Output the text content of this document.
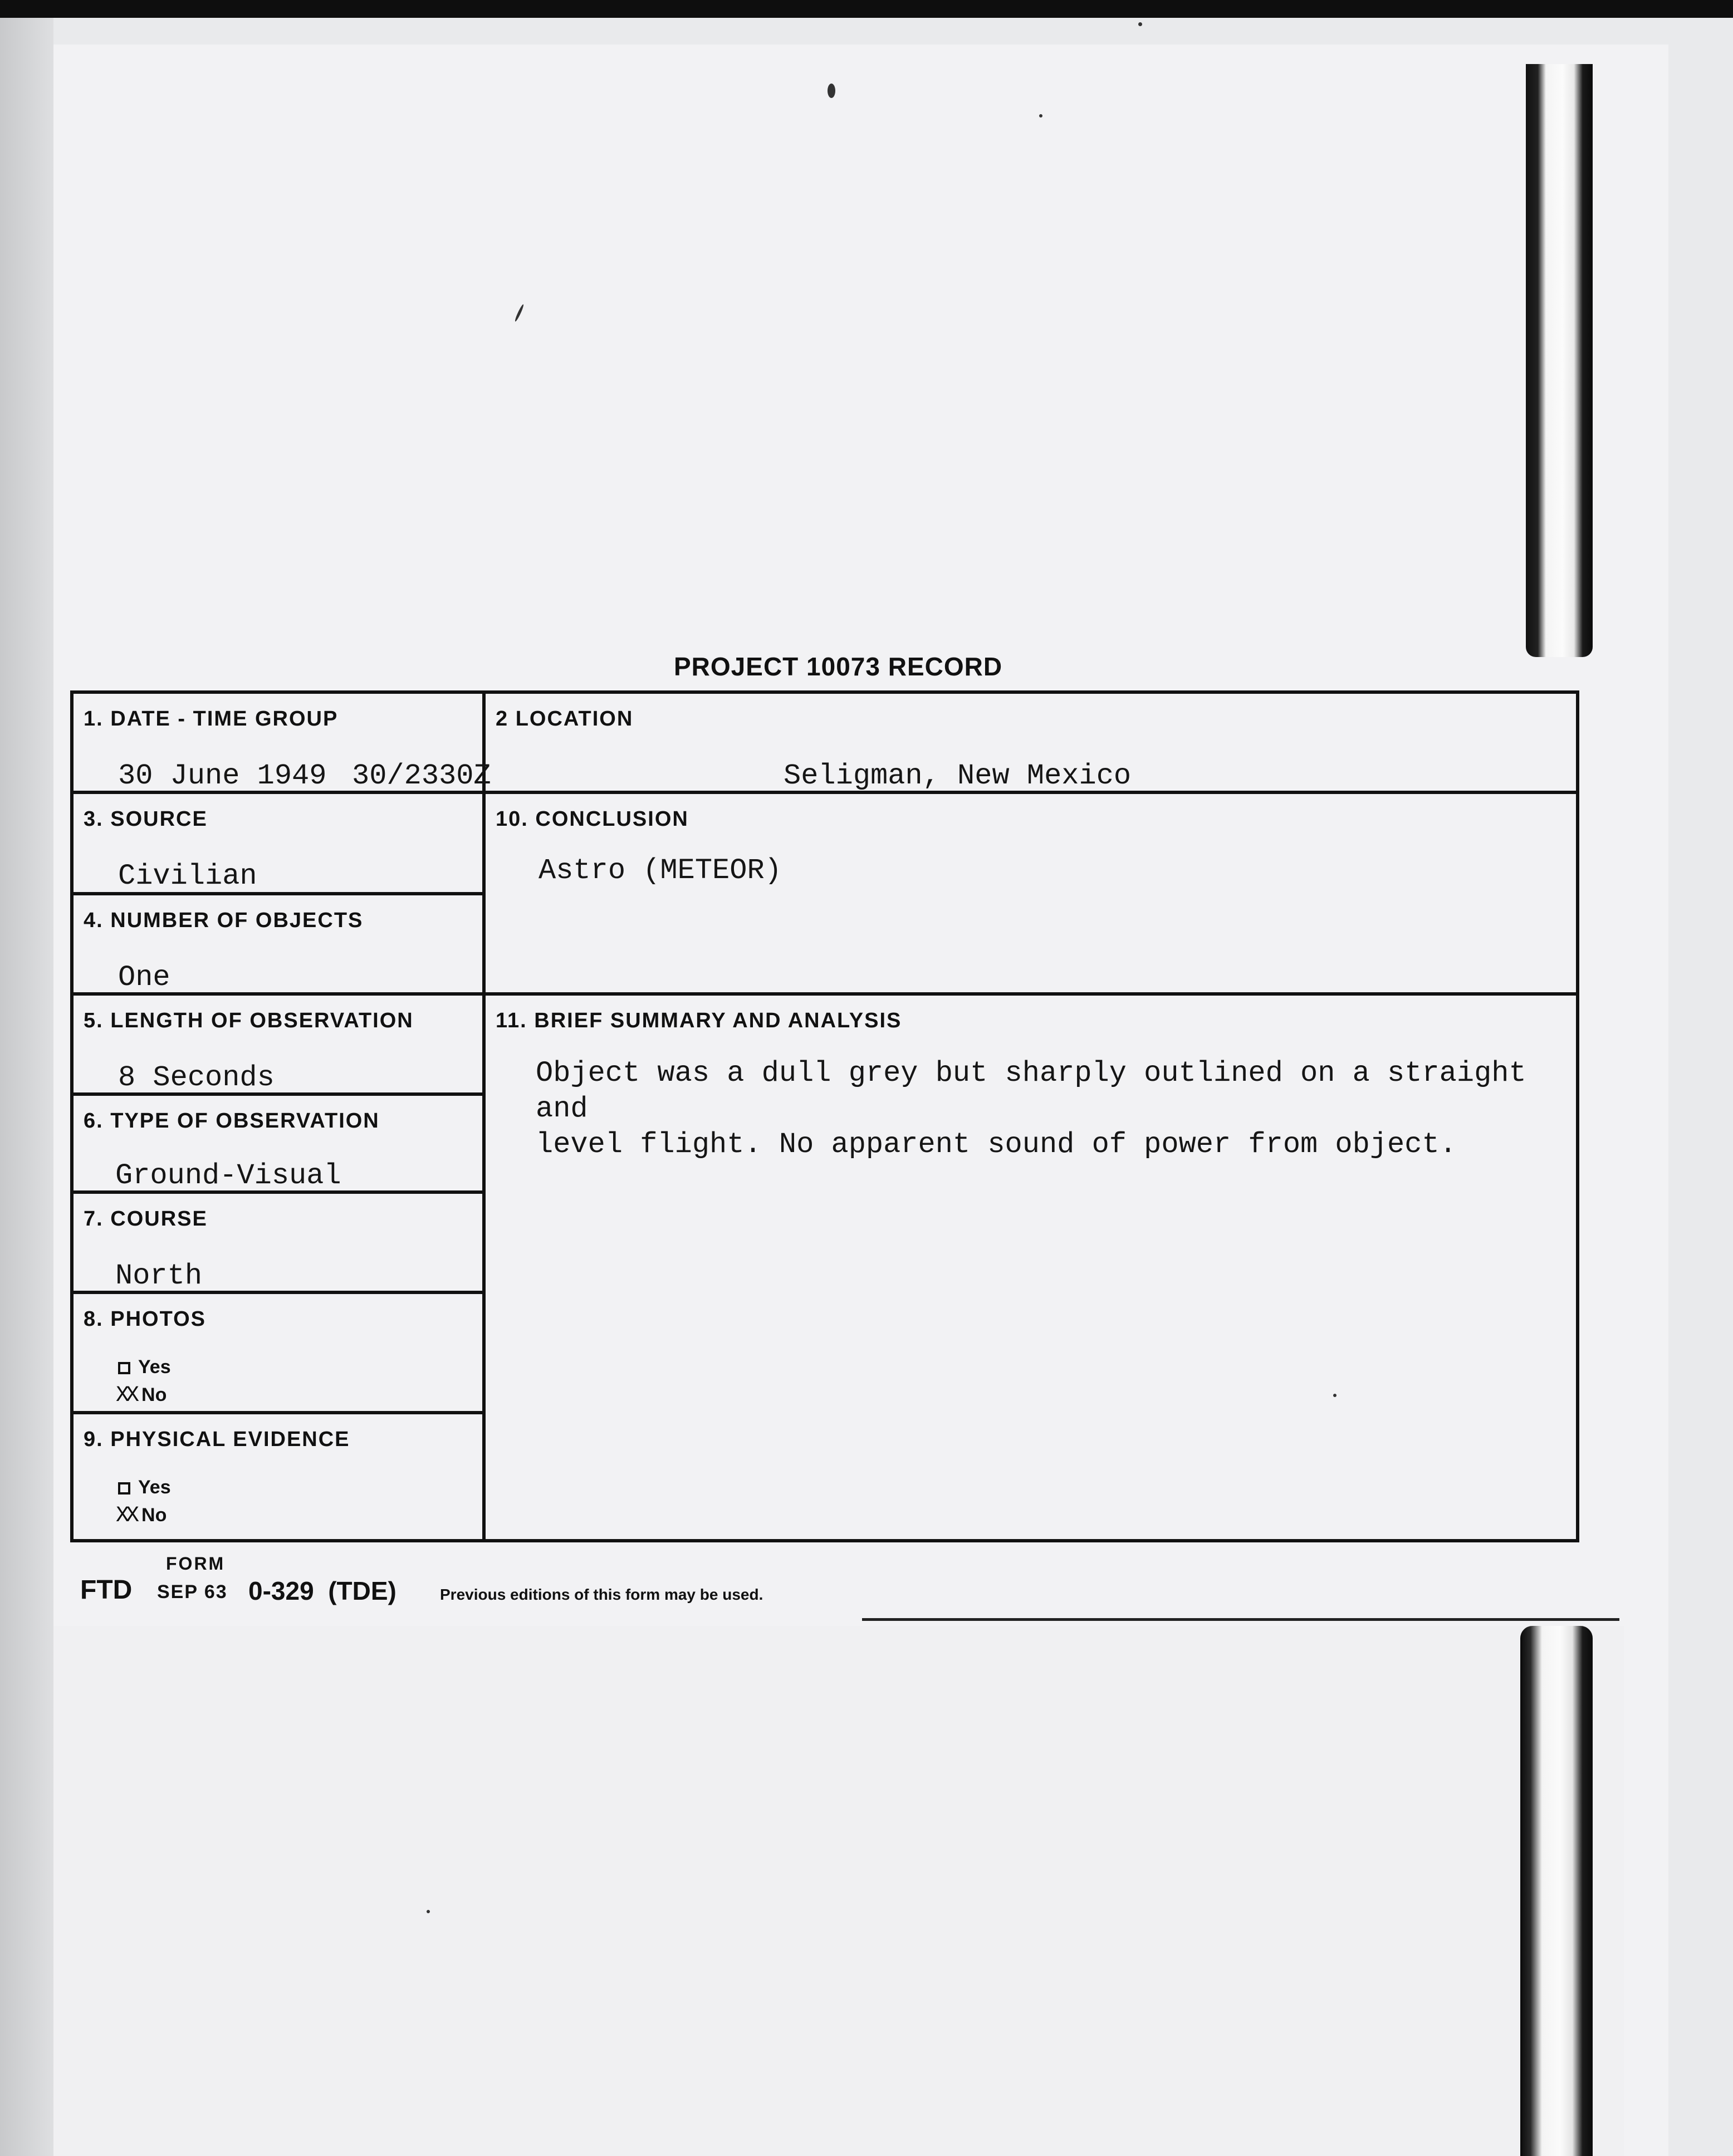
PROJECT 10073 RECORD
1. DATE - TIME GROUP
30 June 1949 30/2330Z
2 LOCATION
Seligman, New Mexico
3. SOURCE
Civilian
4. NUMBER OF OBJECTS
One
10. CONCLUSION
Astro (METEOR)
5. LENGTH OF OBSERVATION
8 Seconds
6. TYPE OF OBSERVATION
Ground-Visual
7. COURSE
North
8. PHOTOS
Yes
XX No
9. PHYSICAL EVIDENCE
Yes
XX No
11. BRIEF SUMMARY AND ANALYSIS
Object was a dull grey but sharply outlined on a straight and
level flight. No apparent sound of power from object.
FORM
FTD SEP 63 0-329  (TDE)	Previous editions of this form may be used.
